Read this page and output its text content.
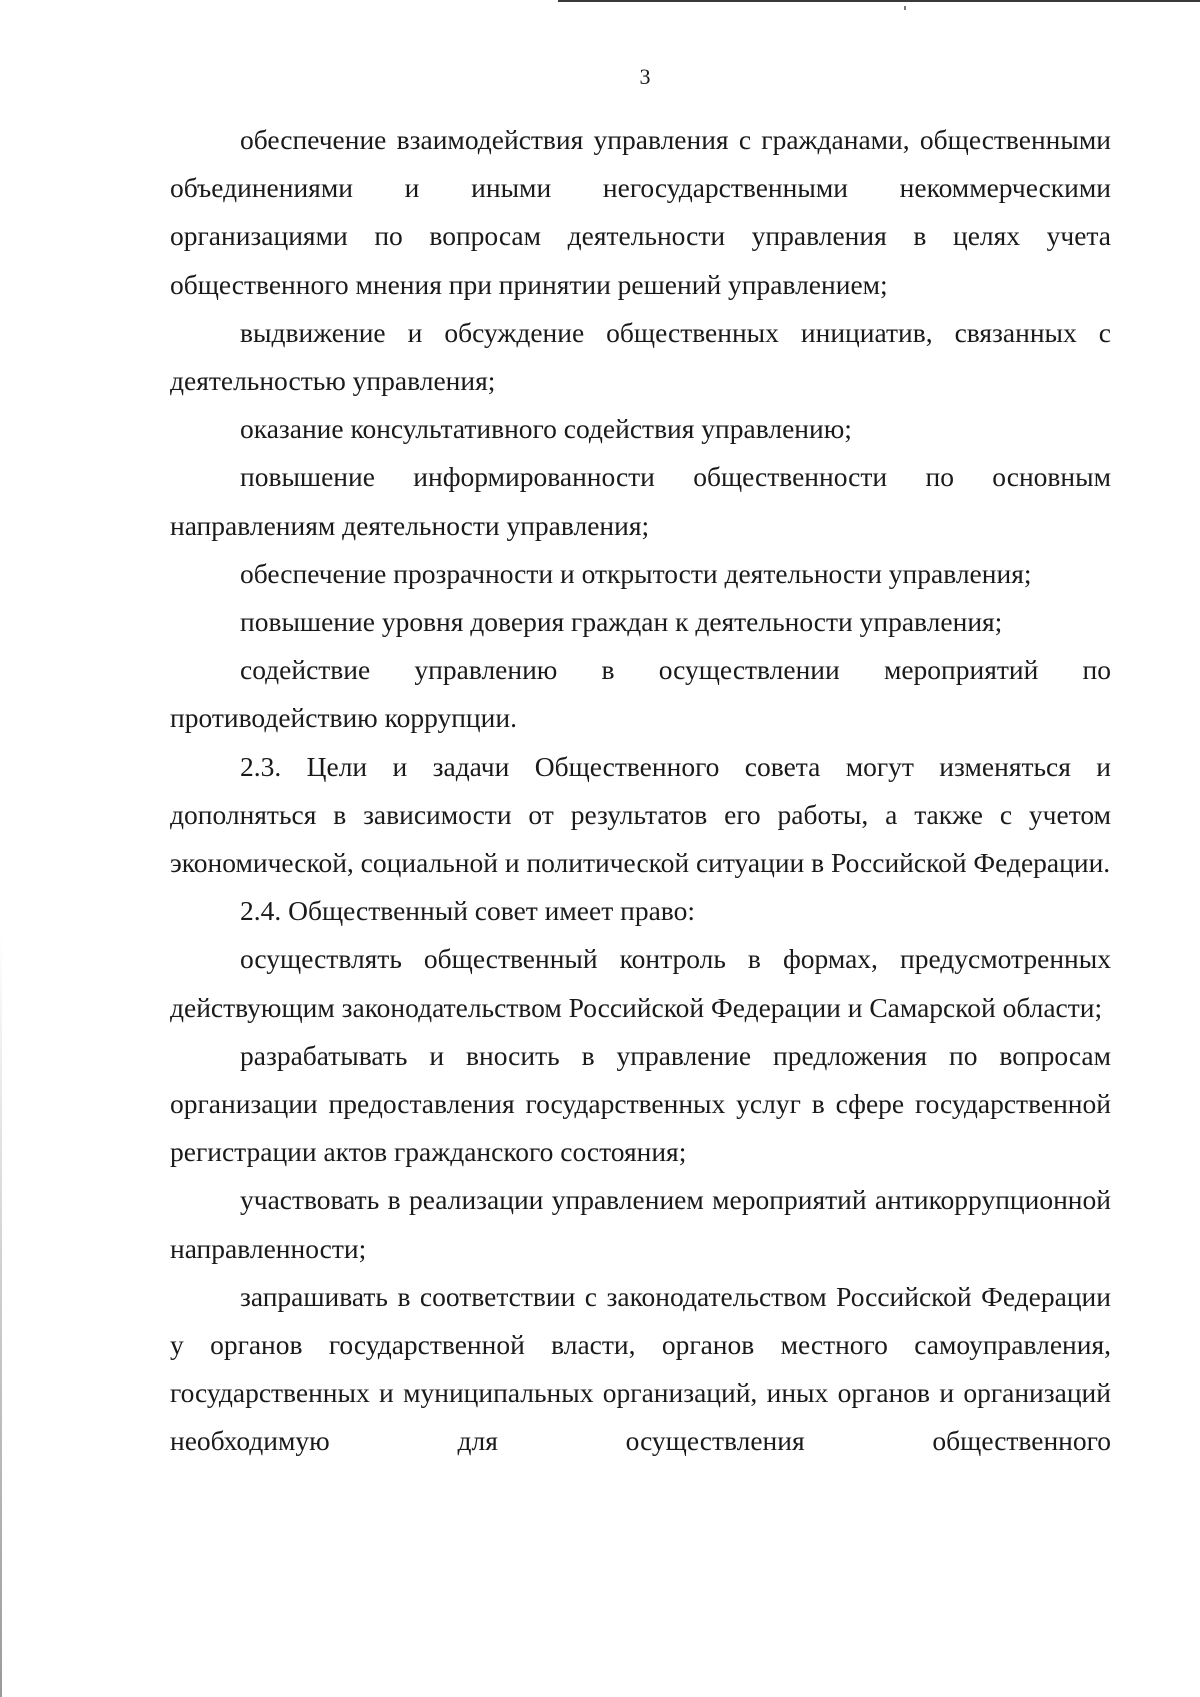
3

обеспечение взаимодействия управления с гражданами, общественными объединениями и иными негосударственными некоммерческими организациями по вопросам деятельности управления в целях учета общественного мнения при принятии решений управлением;

выдвижение и обсуждение общественных инициатив, связанных с деятельностью управления;

оказание консультативного содействия управлению;

повышение информированности общественности по основным направлениям деятельности управления;

обеспечение прозрачности и открытости деятельности управления;

повышение уровня доверия граждан к деятельности управления;

содействие управлению в осуществлении мероприятий по противодействию коррупции.

2.3. Цели и задачи Общественного совета могут изменяться и дополняться в зависимости от результатов его работы, а также с учетом экономической, социальной и политической ситуации в Российской Федерации.

2.4. Общественный совет имеет право:

осуществлять общественный контроль в формах, предусмотренных действующим законодательством Российской Федерации и Самарской области;

разрабатывать и вносить в управление предложения по вопросам организации предоставления государственных услуг в сфере государственной регистрации актов гражданского состояния;

участвовать в реализации управлением мероприятий антикоррупционной направленности;

запрашивать в соответствии с законодательством Российской Федерации у органов государственной власти, органов местного самоуправления, государственных и муниципальных организаций, иных органов и организаций необходимую для осуществления общественного
